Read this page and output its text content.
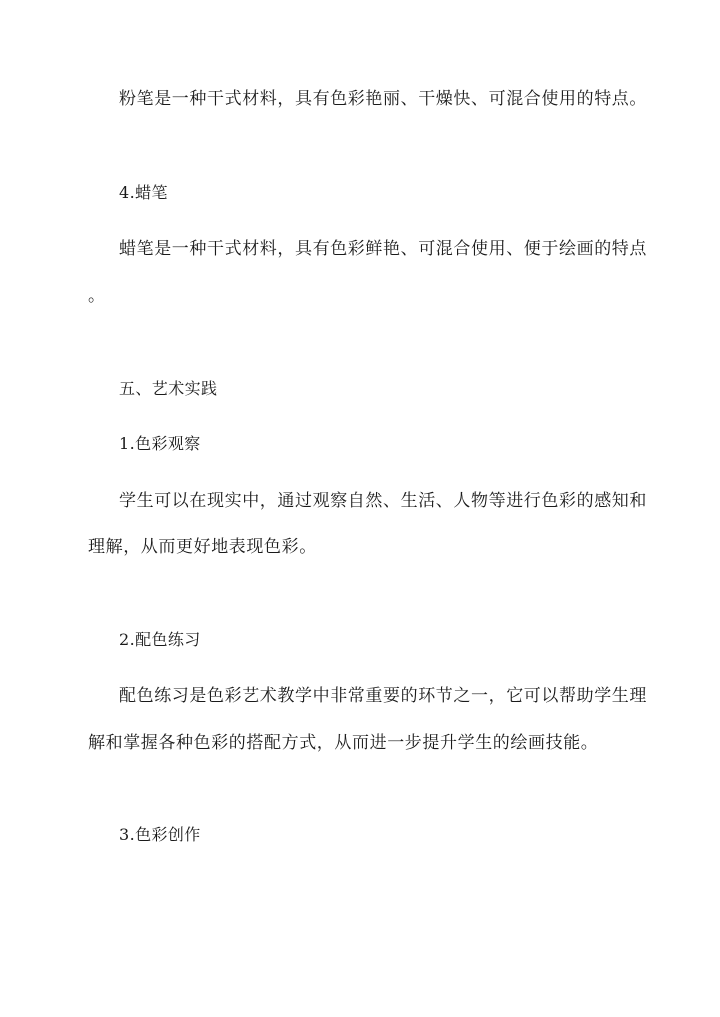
粉笔是一种干式材料，具有色彩艳丽、干燥快、可混合使用的特点。
4.蜡笔
蜡笔是一种干式材料，具有色彩鲜艳、可混合使用、便于绘画的特点
。
五、艺术实践
1.色彩观察
学生可以在现实中，通过观察自然、生活、人物等进行色彩的感知和
理解，从而更好地表现色彩。
2.配色练习
配色练习是色彩艺术教学中非常重要的环节之一，它可以帮助学生理
解和掌握各种色彩的搭配方式，从而进一步提升学生的绘画技能。
3.色彩创作
